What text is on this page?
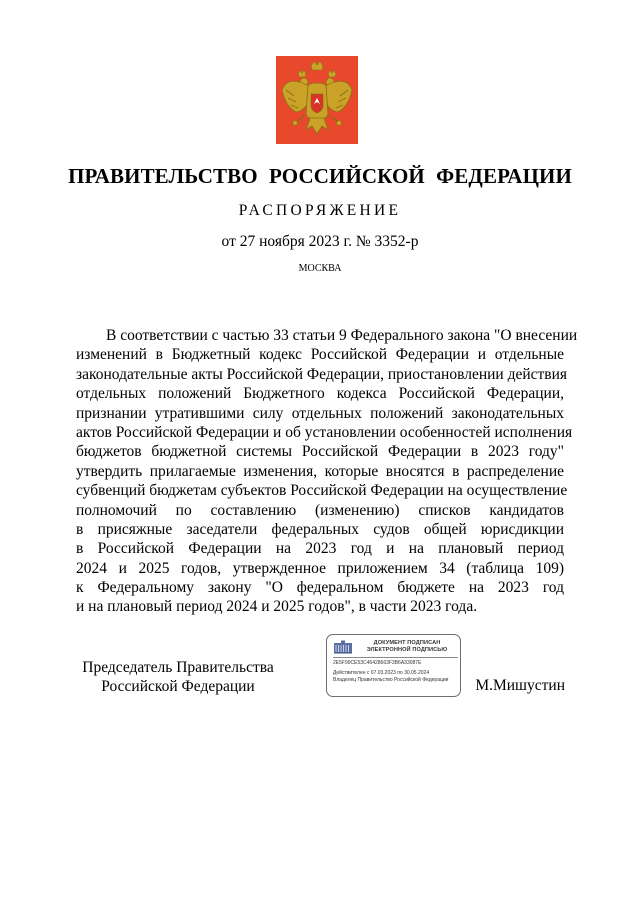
ПРАВИТЕЛЬСТВО РОССИЙСКОЙ ФЕДЕРАЦИИ
РАСПОРЯЖЕНИЕ
от 27 ноября 2023 г. № 3352-р
МОСКВА
В соответствии с частью 33 статьи 9 Федерального закона "О внесении
изменений в Бюджетный кодекс Российской Федерации и отдельные
законодательные акты Российской Федерации, приостановлении действия
отдельных положений Бюджетного кодекса Российской Федерации,
признании утратившими силу отдельных положений законодательных
актов Российской Федерации и об установлении особенностей исполнения
бюджетов бюджетной системы Российской Федерации в 2023 году"
утвердить прилагаемые изменения, которые вносятся в распределение
субвенций бюджетам субъектов Российской Федерации на осуществление
полномочий по составлению (изменению) списков кандидатов
в присяжные заседатели федеральных судов общей юрисдикции
в Российской Федерации на 2023 год и на плановый период
2024 и 2025 годов, утвержденное приложением 34 (таблица 109)
к Федеральному закону "О федеральном бюджете на 2023 год
и на плановый период 2024 и 2025 годов", в части 2023 года.
Председатель Правительства
Российской Федерации
ДОКУМЕНТ ПОДПИСАН
ЭЛЕКТРОННОЙ ПОДПИСЬЮ
2E5F99CE53C46428663F3B6A33087E
Действителен с 07.03.2023 по 30.05.2024
Владелец Правительство Российской Федерации	М.Мишустин
